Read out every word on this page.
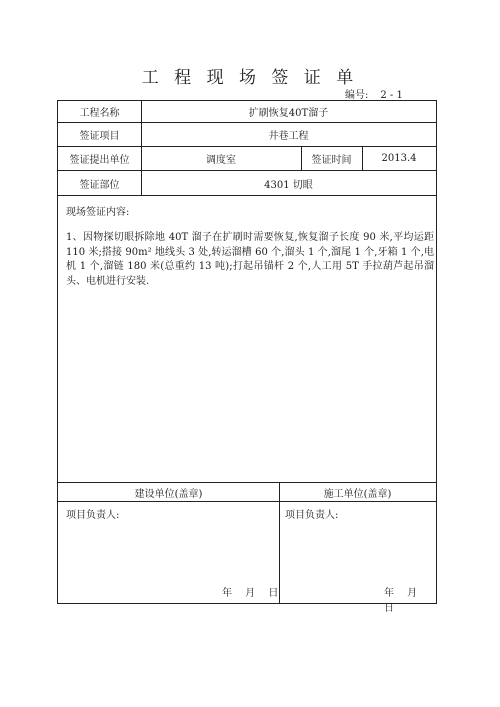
工 程 现 场 签 证 单
编号: 2 - 1
工程名称	扩刷恢复40T溜子
签证项目	井巷工程
签证提出单位	调度室	签证时间	2013.4
签证部位	4301 切眼
现场签证内容:
1、因物探切眼拆除地 40T 溜子在扩刷时需要恢复,恢复溜子长度 90 米,平均运距 110 米;搭接 90m² 地线头 3 处,转运溜槽 60 个,溜头 1 个,溜尾 1 个,牙箱 1 个,电机 1 个,溜链 180 米(总重约 13 吨);打起吊锚杆 2 个,人工用 5T 手拉葫芦起吊溜头、电机进行安装.
建设单位(盖章)	施工单位(盖章)
项目负责人:	项目负责人:
年 月 日	年 月 日
